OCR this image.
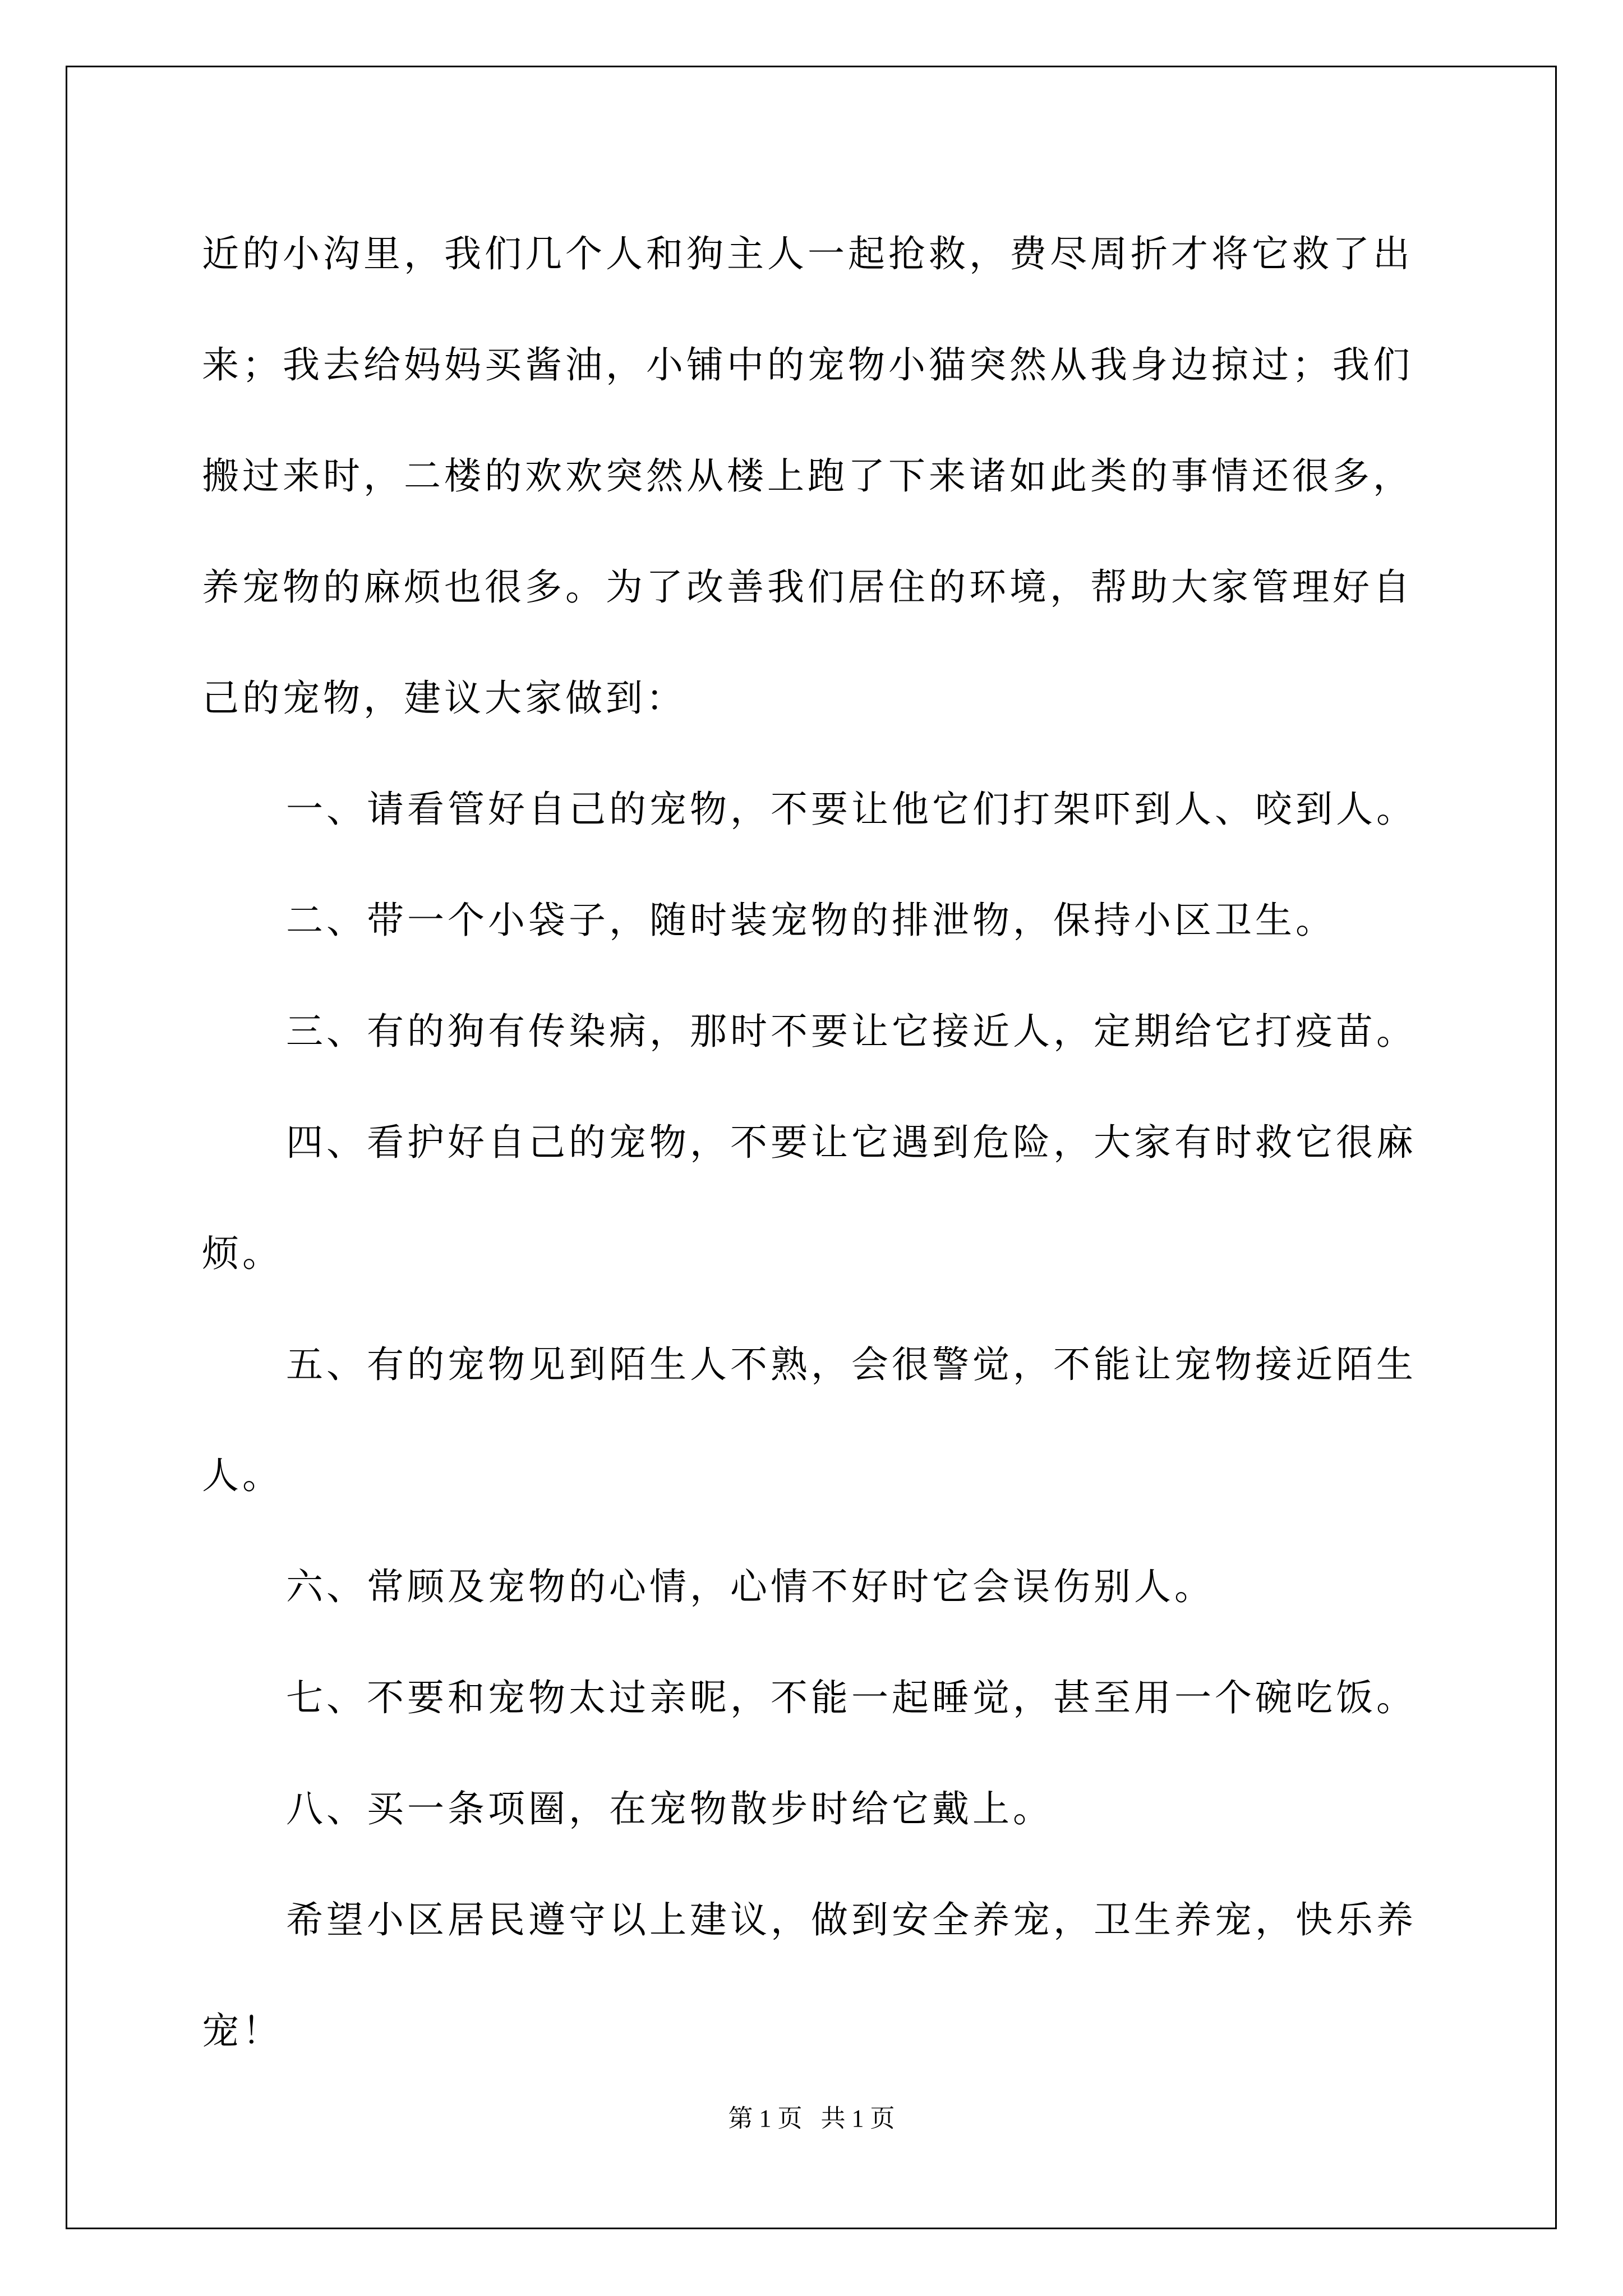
近的小沟里，我们几个人和狗主人一起抢救，费尽周折才将它救了出
来；我去给妈妈买酱油，小铺中的宠物小猫突然从我身边掠过；我们
搬过来时，二楼的欢欢突然从楼上跑了下来诸如此类的事情还很多，
养宠物的麻烦也很多。为了改善我们居住的环境，帮助大家管理好自
己的宠物，建议大家做到：
一、请看管好自己的宠物，不要让他它们打架吓到人、咬到人。
二、带一个小袋子，随时装宠物的排泄物，保持小区卫生。
三、有的狗有传染病，那时不要让它接近人，定期给它打疫苗。
四、看护好自己的宠物，不要让它遇到危险，大家有时救它很麻
烦。
五、有的宠物见到陌生人不熟，会很警觉，不能让宠物接近陌生
人。
六、常顾及宠物的心情，心情不好时它会误伤别人。
七、不要和宠物太过亲昵，不能一起睡觉，甚至用一个碗吃饭。
八、买一条项圈，在宠物散步时给它戴上。
希望小区居民遵守以上建议，做到安全养宠，卫生养宠，快乐养
宠！
第 1 页   共 1 页
